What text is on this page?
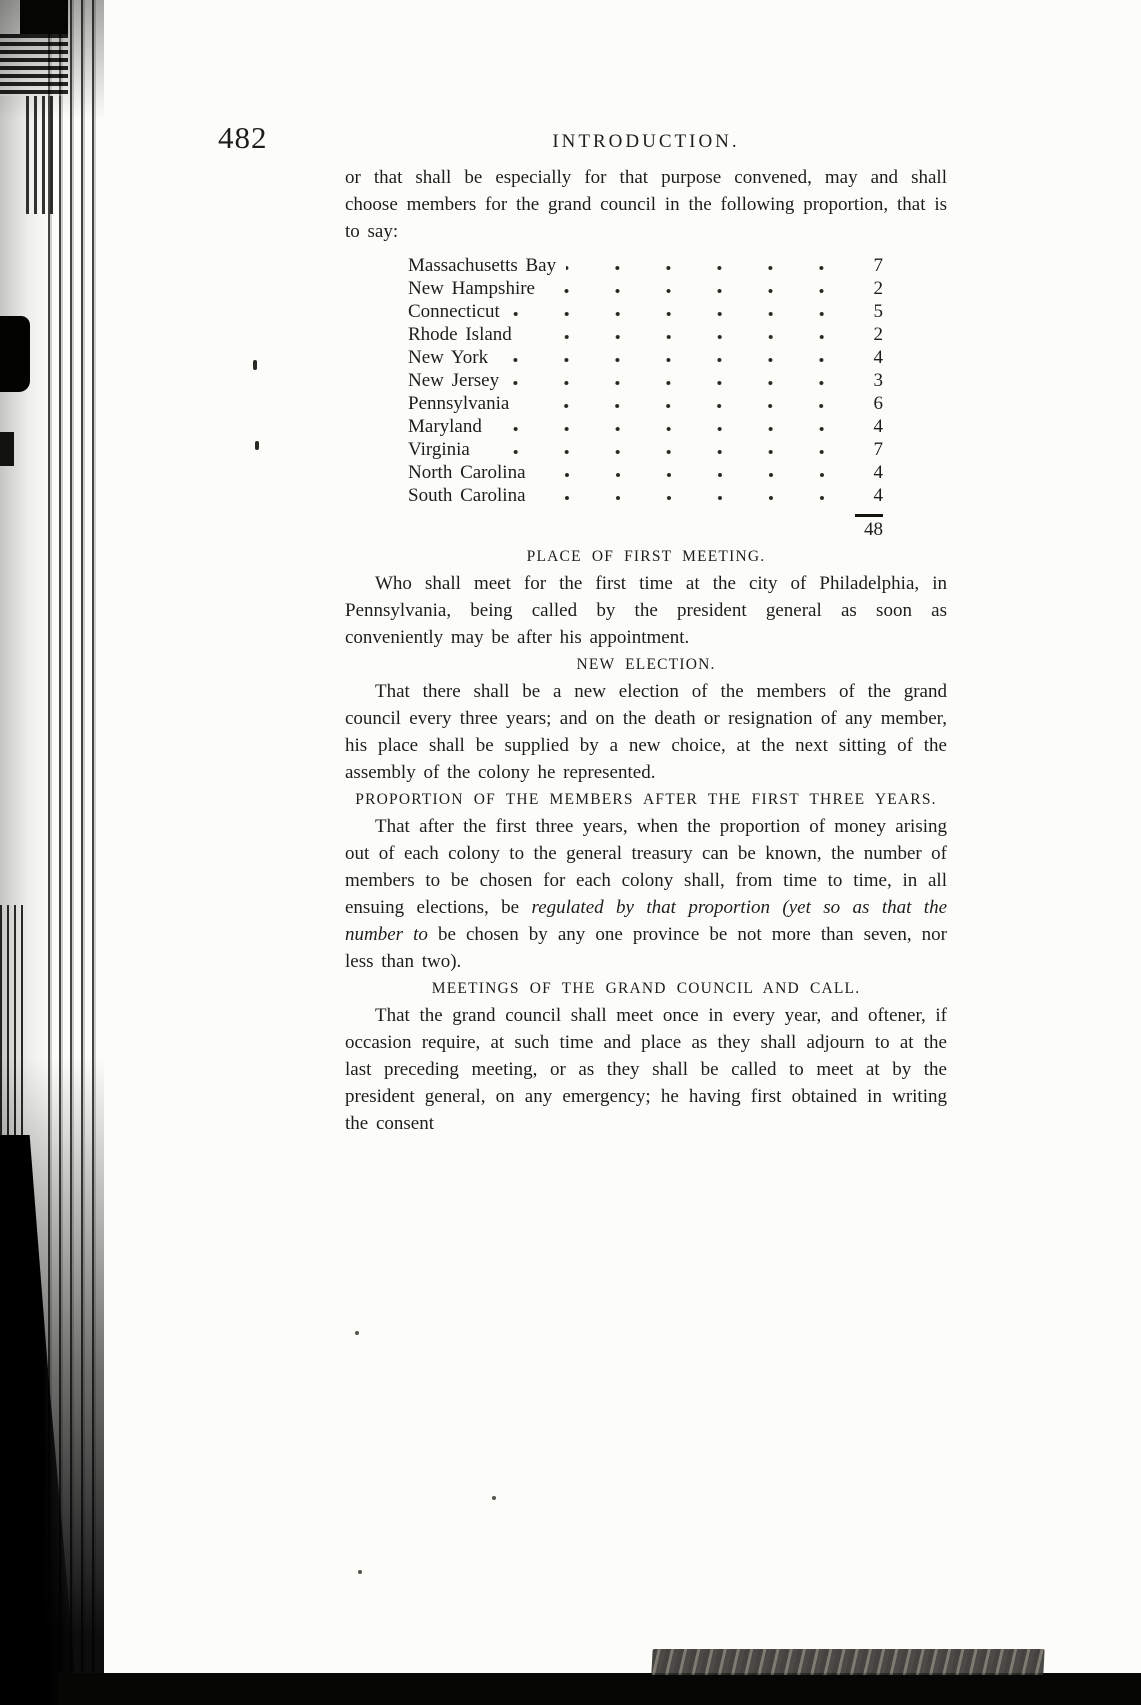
482	INTRODUCTION.

or that shall be especially for that purpose convened, may and shall choose members for the grand council in the following proportion, that is to say:

Massachusetts Bay	7
New Hampshire	2
Connecticut	5
Rhode Island	2
New York	4
New Jersey	3
Pennsylvania	6
Maryland	4
Virginia	7
North Carolina	4
South Carolina	4
48

PLACE OF FIRST MEETING.

Who shall meet for the first time at the city of Philadelphia, in Pennsylvania, being called by the president general as soon as conveniently may be after his appointment.

NEW ELECTION.

That there shall be a new election of the members of the grand council every three years; and on the death or resignation of any member, his place shall be supplied by a new choice, at the next sitting of the assembly of the colony he represented.

PROPORTION OF THE MEMBERS AFTER THE FIRST THREE YEARS.

That after the first three years, when the proportion of money arising out of each colony to the general treasury can be known, the number of members to be chosen for each colony shall, from time to time, in all ensuing elections, be regulated by that proportion (yet so as that the number to be chosen by any one province be not more than seven, nor less than two).

MEETINGS OF THE GRAND COUNCIL AND CALL.

That the grand council shall meet once in every year, and oftener, if occasion require, at such time and place as they shall adjourn to at the last preceding meeting, or as they shall be called to meet at by the president general, on any emergency; he having first obtained in writing the consent
